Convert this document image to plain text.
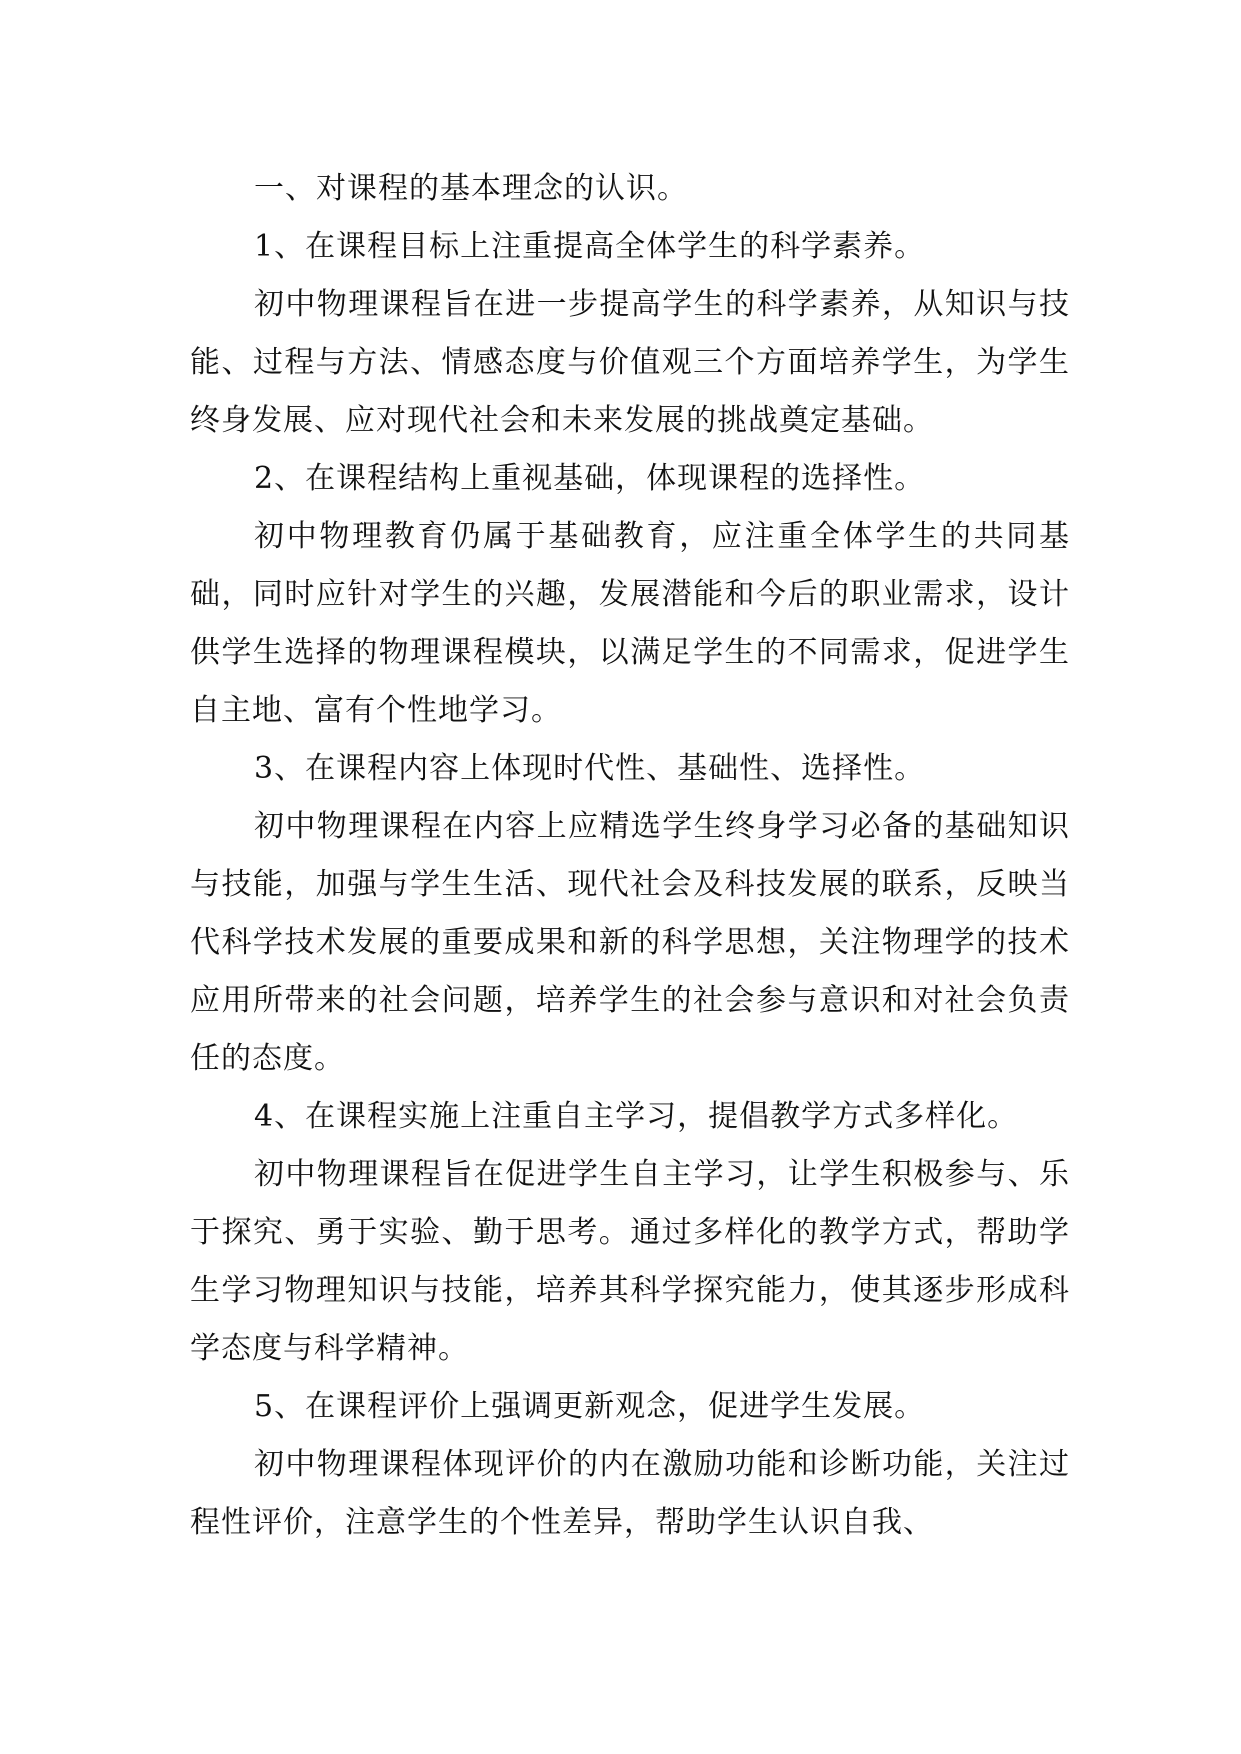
一、对课程的基本理念的认识。

1、在课程目标上注重提高全体学生的科学素养。

初中物理课程旨在进一步提高学生的科学素养，从知识与技能、过程与方法、情感态度与价值观三个方面培养学生，为学生终身发展、应对现代社会和未来发展的挑战奠定基础。

2、在课程结构上重视基础，体现课程的选择性。

初中物理教育仍属于基础教育，应注重全体学生的共同基础，同时应针对学生的兴趣，发展潜能和今后的职业需求，设计供学生选择的物理课程模块，以满足学生的不同需求，促进学生自主地、富有个性地学习。

3、在课程内容上体现时代性、基础性、选择性。

初中物理课程在内容上应精选学生终身学习必备的基础知识与技能，加强与学生生活、现代社会及科技发展的联系，反映当代科学技术发展的重要成果和新的科学思想，关注物理学的技术应用所带来的社会问题，培养学生的社会参与意识和对社会负责任的态度。

4、在课程实施上注重自主学习，提倡教学方式多样化。

初中物理课程旨在促进学生自主学习，让学生积极参与、乐于探究、勇于实验、勤于思考。通过多样化的教学方式，帮助学生学习物理知识与技能，培养其科学探究能力，使其逐步形成科学态度与科学精神。

5、在课程评价上强调更新观念，促进学生发展。

初中物理课程体现评价的内在激励功能和诊断功能，关注过程性评价，注意学生的个性差异，帮助学生认识自我、
